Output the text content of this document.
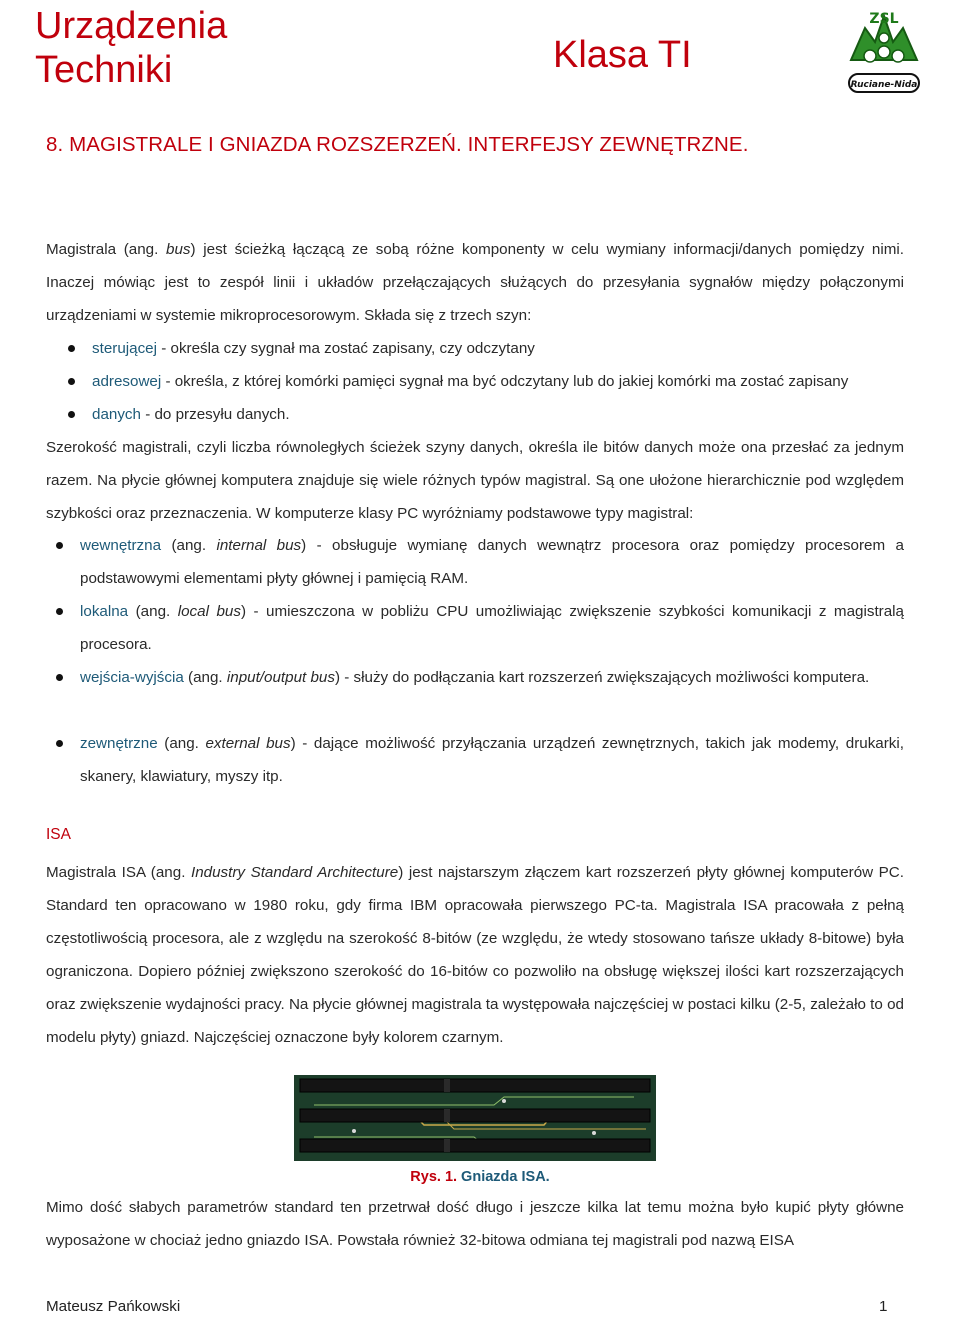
Urządzenia
Techniki	Klasa TI
ZSL
Ruciane-Nida
8. MAGISTRALE I GNIAZDA ROZSZERZEŃ. INTERFEJSY ZEWNĘTRZNE.

Magistrala (ang. bus) jest ścieżką łączącą ze sobą różne komponenty w celu wymiany informacji/danych pomiędzy nimi. Inaczej mówiąc jest to zespół linii i układów przełączających służących do przesyłania sygnałów między połączonymi urządzeniami w systemie mikroprocesorowym. Składa się z trzech szyn:

sterującej - określa czy sygnał ma zostać zapisany, czy odczytany

adresowej - określa, z której komórki pamięci sygnał ma być odczytany lub do jakiej komórki ma zostać zapisany

danych - do przesyłu danych.

Szerokość magistrali, czyli liczba równoległych ścieżek szyny danych, określa ile bitów danych może ona przesłać za jednym razem. Na płycie głównej komputera znajduje się wiele różnych typów magistral. Są one ułożone hierarchicznie pod względem szybkości oraz przeznaczenia. W komputerze klasy PC wyróżniamy podstawowe typy magistral:

wewnętrzna (ang. internal bus) - obsługuje wymianę danych wewnątrz procesora oraz pomiędzy procesorem a podstawowymi elementami płyty głównej i pamięcią RAM.

lokalna (ang. local bus) - umieszczona w pobliżu CPU umożliwiając zwiększenie szybkości komunikacji z magistralą procesora.

wejścia-wyjścia (ang. input/output bus) - służy do podłączania kart rozszerzeń zwiększających możliwości komputera.

zewnętrzne (ang. external bus) - dające możliwość przyłączania urządzeń zewnętrznych, takich jak modemy, drukarki, skanery, klawiatury, myszy itp.

ISA

Magistrala ISA (ang. Industry Standard Architecture) jest najstarszym złączem kart rozszerzeń płyty głównej komputerów PC. Standard ten opracowano w 1980 roku, gdy firma IBM opracowała pierwszego PC-ta. Magistrala ISA pracowała z pełną częstotliwością procesora, ale z względu na szerokość 8-bitów (ze względu, że wtedy stosowano tańsze układy 8-bitowe) była ograniczona. Dopiero później zwiększono szerokość do 16-bitów co pozwoliło na obsługę większej ilości kart rozszerzających oraz zwiększenie wydajności pracy. Na płycie głównej magistrala ta występowała najczęściej w postaci kilku (2-5, zależało to od modelu płyty) gniazd. Najczęściej oznaczone były kolorem czarnym.

Rys. 1. Gniazda ISA.

Mimo dość słabych parametrów standard ten przetrwał dość długo i jeszcze kilka lat temu można było kupić płyty główne wyposażone w chociaż jedno gniazdo ISA. Powstała również 32-bitowa odmiana tej magistrali pod nazwą EISA

Mateusz Pańkowski	1
